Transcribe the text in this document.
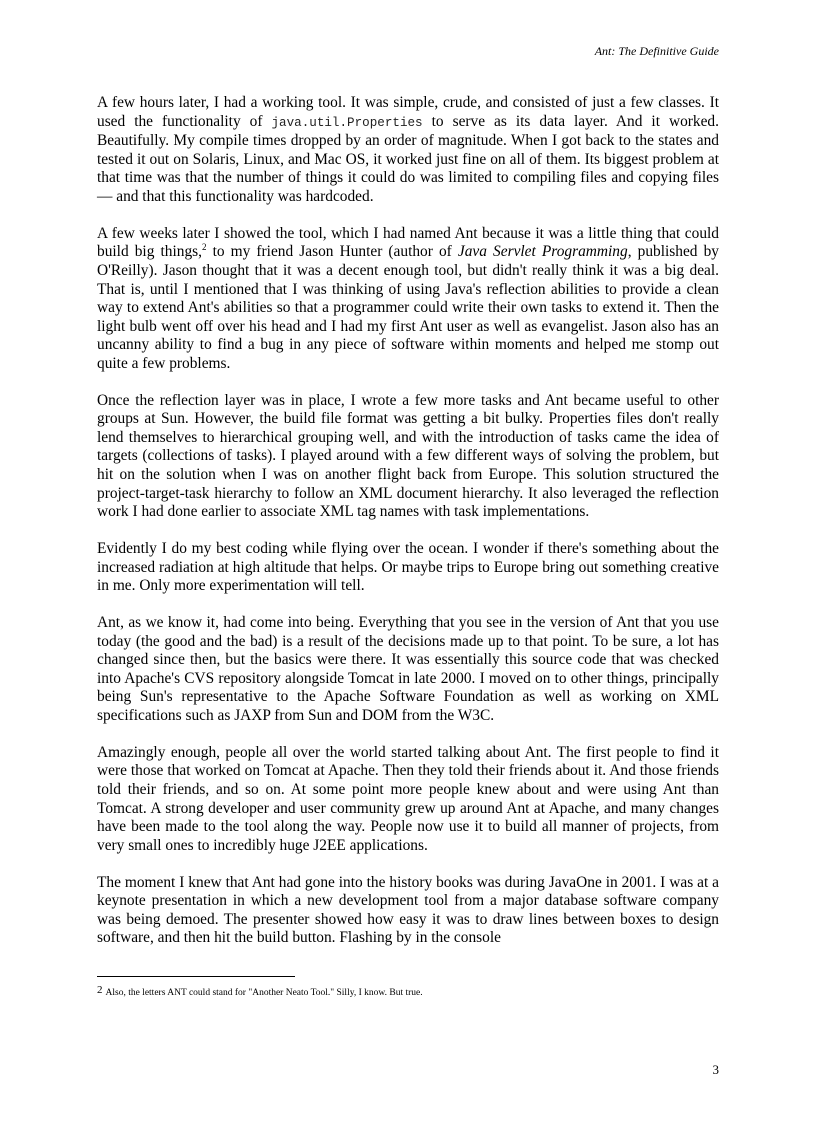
Ant: The Definitive Guide

A few hours later, I had a working tool. It was simple, crude, and consisted of just a few classes. It used the functionality of java.util.Properties to serve as its data layer. And it worked. Beautifully. My compile times dropped by an order of magnitude. When I got back to the states and tested it out on Solaris, Linux, and Mac OS, it worked just fine on all of them. Its biggest problem at that time was that the number of things it could do was limited to compiling files and copying files — and that this functionality was hardcoded.

A few weeks later I showed the tool, which I had named Ant because it was a little thing that could build big things,$^2$ to my friend Jason Hunter (author of Java Servlet Programming, published by O'Reilly). Jason thought that it was a decent enough tool, but didn't really think it was a big deal. That is, until I mentioned that I was thinking of using Java's reflection abilities to provide a clean way to extend Ant's abilities so that a programmer could write their own tasks to extend it. Then the light bulb went off over his head and I had my first Ant user as well as evangelist. Jason also has an uncanny ability to find a bug in any piece of software within moments and helped me stomp out quite a few problems.

Once the reflection layer was in place, I wrote a few more tasks and Ant became useful to other groups at Sun. However, the build file format was getting a bit bulky. Properties files don't really lend themselves to hierarchical grouping well, and with the introduction of tasks came the idea of targets (collections of tasks). I played around with a few different ways of solving the problem, but hit on the solution when I was on another flight back from Europe. This solution structured the project-target-task hierarchy to follow an XML document hierarchy. It also leveraged the reflection work I had done earlier to associate XML tag names with task implementations.

Evidently I do my best coding while flying over the ocean. I wonder if there's something about the increased radiation at high altitude that helps. Or maybe trips to Europe bring out something creative in me. Only more experimentation will tell.

Ant, as we know it, had come into being. Everything that you see in the version of Ant that you use today (the good and the bad) is a result of the decisions made up to that point. To be sure, a lot has changed since then, but the basics were there. It was essentially this source code that was checked into Apache's CVS repository alongside Tomcat in late 2000. I moved on to other things, principally being Sun's representative to the Apache Software Foundation as well as working on XML specifications such as JAXP from Sun and DOM from the W3C.

Amazingly enough, people all over the world started talking about Ant. The first people to find it were those that worked on Tomcat at Apache. Then they told their friends about it. And those friends told their friends, and so on. At some point more people knew about and were using Ant than Tomcat. A strong developer and user community grew up around Ant at Apache, and many changes have been made to the tool along the way. People now use it to build all manner of projects, from very small ones to incredibly huge J2EE applications.

The moment I knew that Ant had gone into the history books was during JavaOne in 2001. I was at a keynote presentation in which a new development tool from a major database software company was being demoed. The presenter showed how easy it was to draw lines between boxes to design software, and then hit the build button. Flashing by in the console

2 Also, the letters ANT could stand for "Another Neato Tool." Silly, I know. But true.
3
